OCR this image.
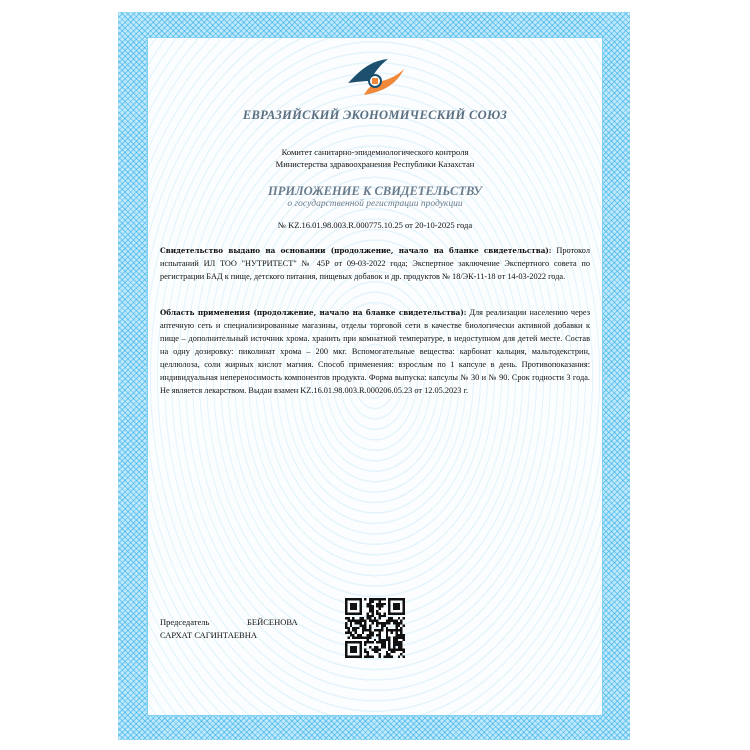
ЕВРАЗИЙСКИЙ ЭКОНОМИЧЕСКИЙ СОЮЗ
Комитет санитарно-эпидемиологического контроля
Министерства здравоохранения Республики Казахстан
ПРИЛОЖЕНИЕ К СВИДЕТЕЛЬСТВУ
о государственной регистрации продукции
№ KZ.16.01.98.003.R.000775.10.25 от 20-10-2025 года
Свидетельство выдано на основании (продолжение, начало на бланке свидетельства): Протокол испытаний ИЛ ТОО "НУТРИТЕСТ" № 45Р от 09-03-2022 года; Экспертное заключение Экспертного совета по регистрации БАД к пище, детского питания, пищевых добавок и др. продуктов № 18/ЭК-11-18 от 14-03-2022 года.
Область применения (продолжение, начало на бланке свидетельства): Для реализации населению через аптечную сеть и специализированные магазины, отделы торговой сети в качестве биологически активной добавки к пище – дополнительный источник хрома. хранить при комнатной температуре, в недоступном для детей месте. Состав на одну дозировку: пиколинат хрома – 200 мкг. Вспомогательные вещества: карбонат кальция, мальтодекстрин, целлюлоза, соли жирных кислот магния. Способ применения: взрослым по 1 капсуле в день. Противопоказания: индивидуальная непереносимость компонентов продукта. Форма выпуска: капсулы № 30 и № 90. Срок годности 3 года. Не является лекарством. Выдан взамен KZ.16.01.98.003.R.000206.05.23 от 12.05.2023 г.
Председатель	БЕЙСЕНОВА
САРХАТ САГИНТАЕВНА
